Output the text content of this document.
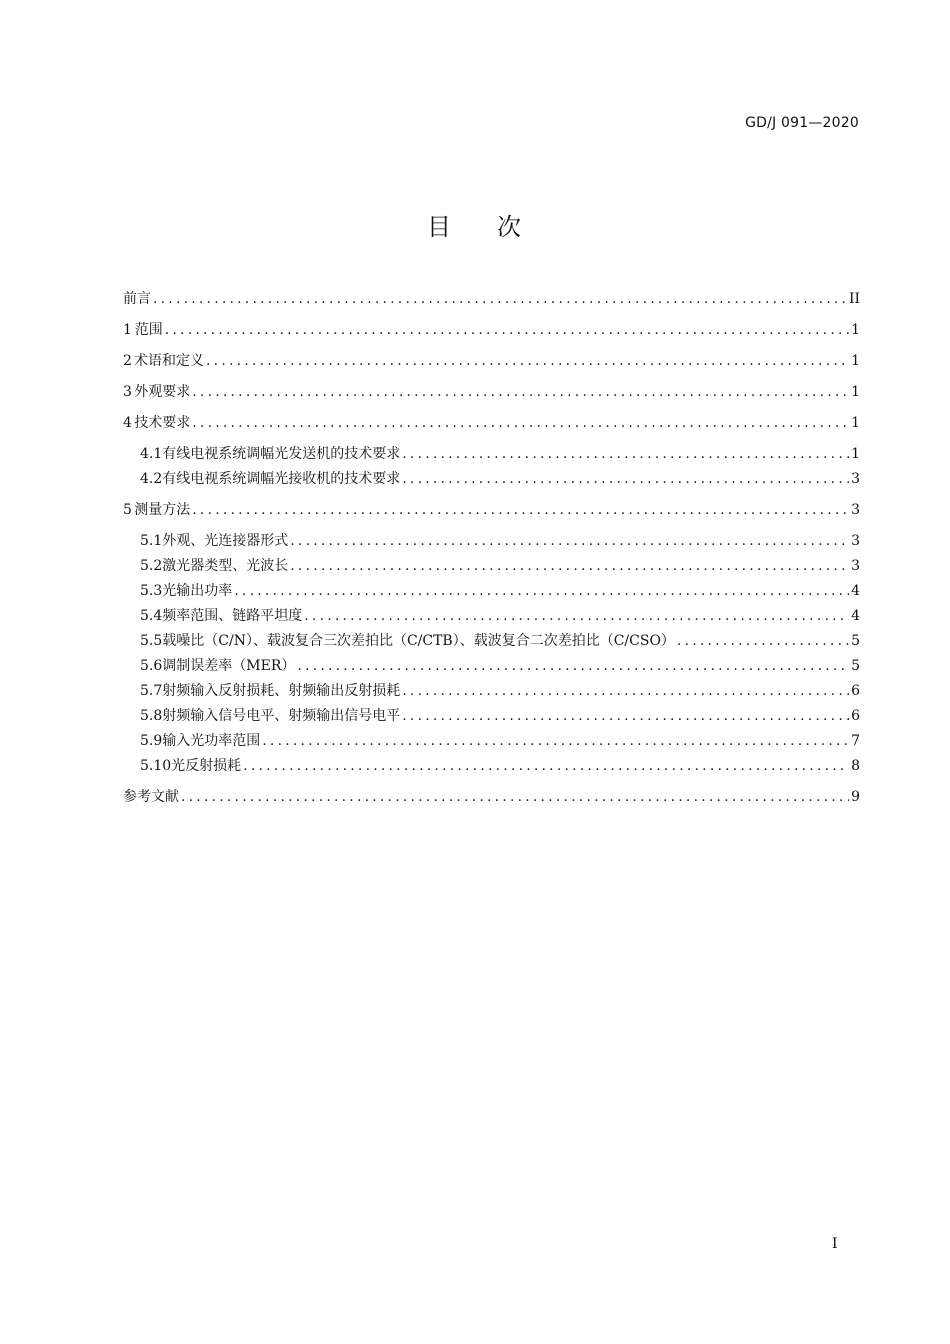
GD/J 091—2020
目 次
前言 .....	II
1 范围 .....	1
2 术语和定义 .....	1
3 外观要求 .....	1
4 技术要求 .....	1
4.1 有线电视系统调幅光发送机的技术要求 .....	1
4.2 有线电视系统调幅光接收机的技术要求 .....	3
5 测量方法 .....	3
5.1 外观、光连接器形式 .....	3
5.2 激光器类型、光波长 .....	3
5.3 光输出功率 .....	4
5.4 频率范围、链路平坦度 .....	4
5.5 载噪比（C/N）、载波复合三次差拍比（C/CTB）、载波复合二次差拍比（C/CSO） .....	5
5.6 调制误差率（MER） .....	5
5.7 射频输入反射损耗、射频输出反射损耗 .....	6
5.8 射频输入信号电平、射频输出信号电平 .....	6
5.9 输入光功率范围 .....	7
5.10 光反射损耗 .....	8
参考文献 .....	9
I
